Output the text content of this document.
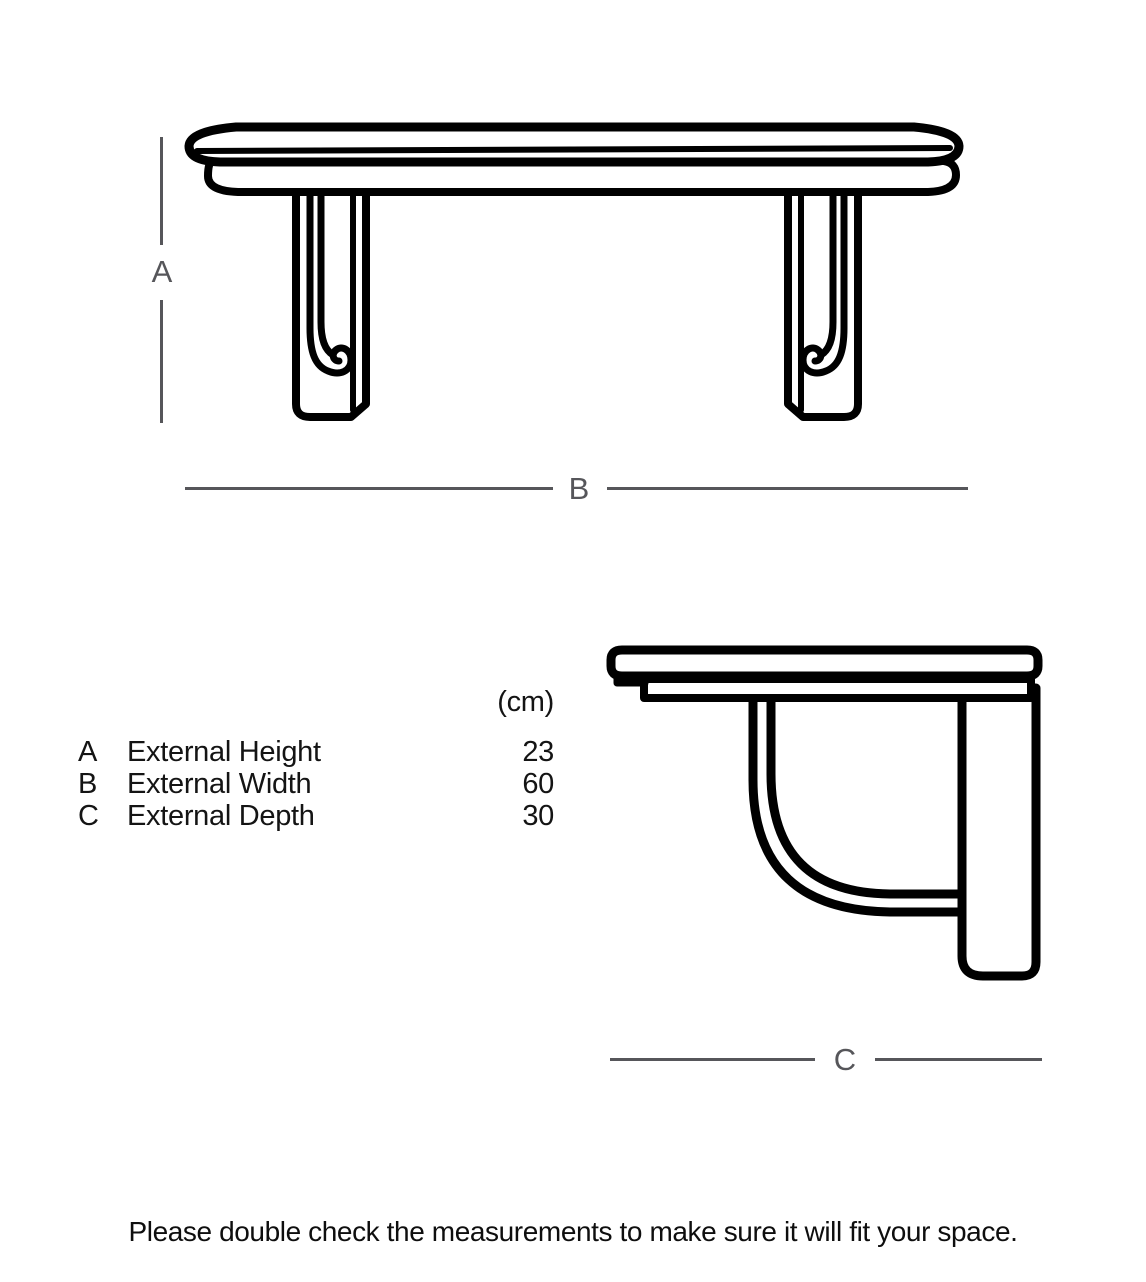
A
B
C
(cm)
A	External Height	23
B	External Width	60
C External Depth	30
Please double check the measurements to make sure it will fit your space.
